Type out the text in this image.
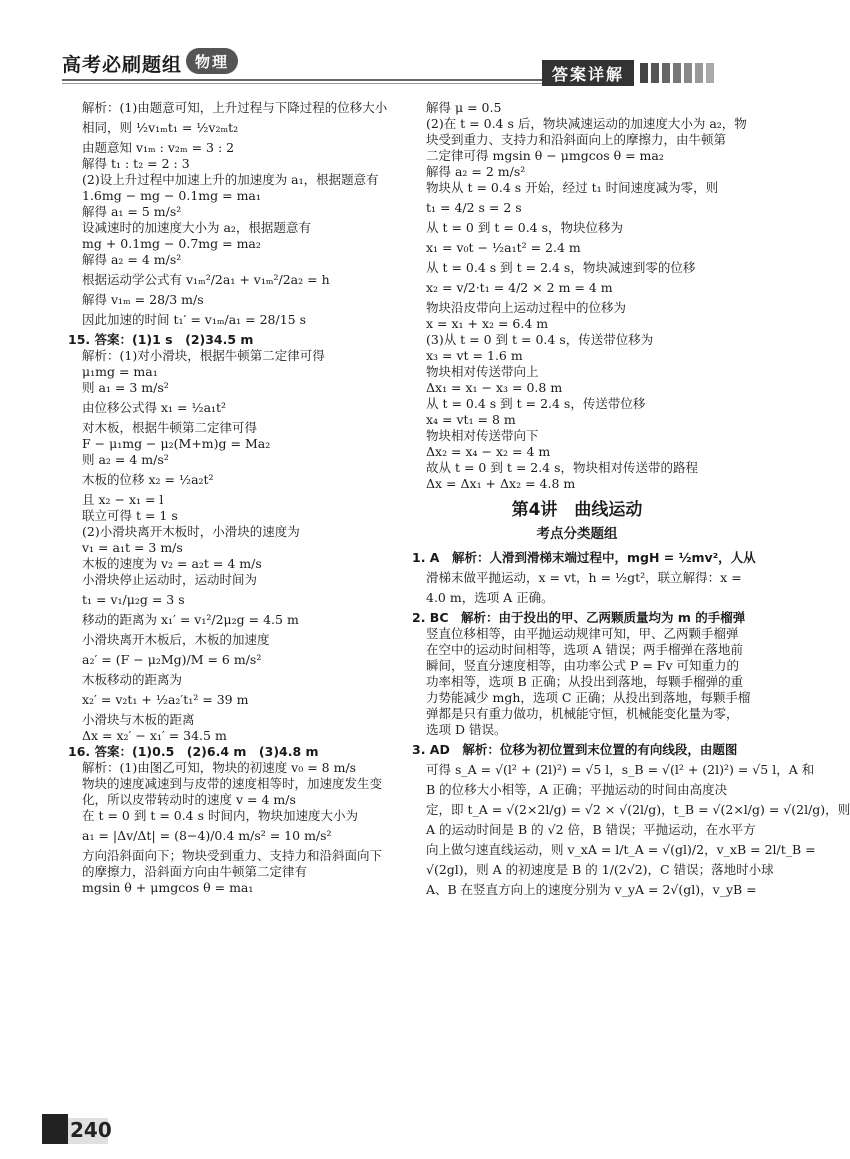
高考必刷题组 物理
答案详解
解析：(1)由题意可知，上升过程与下降过程的位移大小
相同，则 ½v₁ₘt₁ = ½v₂ₘt₂
由题意知 v₁ₘ : v₂ₘ = 3 : 2
解得 t₁ : t₂ = 2 : 3
(2)设上升过程中加速上升的加速度为 a₁，根据题意有
1.6mg − mg − 0.1mg = ma₁
解得 a₁ = 5 m/s²
设减速时的加速度大小为 a₂，根据题意有
mg + 0.1mg − 0.7mg = ma₂
解得 a₂ = 4 m/s²
根据运动学公式有 v₁ₘ²/2a₁ + v₁ₘ²/2a₂ = h
解得 v₁ₘ = 28/3 m/s
因此加速的时间 t₁′ = v₁ₘ/a₁ = 28/15 s
15. 答案：(1)1 s　(2)34.5 m
解析：(1)对小滑块，根据牛顿第二定律可得
μ₁mg = ma₁
则 a₁ = 3 m/s²
由位移公式得 x₁ = ½a₁t²
对木板，根据牛顿第二定律可得
F − μ₁mg − μ₂(M+m)g = Ma₂
则 a₂ = 4 m/s²
木板的位移 x₂ = ½a₂t²
且 x₂ − x₁ = l
联立可得 t = 1 s
(2)小滑块离开木板时，小滑块的速度为
v₁ = a₁t = 3 m/s
木板的速度为 v₂ = a₂t = 4 m/s
小滑块停止运动时，运动时间为
t₁ = v₁/μ₂g = 3 s
移动的距离为 x₁′ = v₁²/2μ₂g = 4.5 m
小滑块离开木板后，木板的加速度
a₂′ = (F − μ₂Mg)/M = 6 m/s²
木板移动的距离为
x₂′ = v₂t₁ + ½a₂′t₁² = 39 m
小滑块与木板的距离
Δx = x₂′ − x₁′ = 34.5 m
16. 答案：(1)0.5　(2)6.4 m　(3)4.8 m
解析：(1)由图乙可知，物块的初速度 v₀ = 8 m/s
物块的速度减速到与皮带的速度相等时，加速度发生变
化，所以皮带转动时的速度 v = 4 m/s
在 t = 0 到 t = 0.4 s 时间内，物块加速度大小为
a₁ = |Δv/Δt| = (8−4)/0.4 m/s² = 10 m/s²
方向沿斜面向下；物块受到重力、支持力和沿斜面向下
的摩擦力，沿斜面方向由牛顿第二定律有
mgsin θ + μmgcos θ = ma₁
解得 μ = 0.5
(2)在 t = 0.4 s 后，物块减速运动的加速度大小为 a₂，物
块受到重力、支持力和沿斜面向上的摩擦力，由牛顿第
二定律可得 mgsin θ − μmgcos θ = ma₂
解得 a₂ = 2 m/s²
物块从 t = 0.4 s 开始，经过 t₁ 时间速度减为零，则
t₁ = 4/2 s = 2 s
从 t = 0 到 t = 0.4 s，物块位移为
x₁ = v₀t − ½a₁t² = 2.4 m
从 t = 0.4 s 到 t = 2.4 s，物块减速到零的位移
x₂ = v/2·t₁ = 4/2 × 2 m = 4 m
物块沿皮带向上运动过程中的位移为
x = x₁ + x₂ = 6.4 m
(3)从 t = 0 到 t = 0.4 s，传送带位移为
x₃ = vt = 1.6 m
物块相对传送带向上
Δx₁ = x₁ − x₃ = 0.8 m
从 t = 0.4 s 到 t = 2.4 s，传送带位移
x₄ = vt₁ = 8 m
物块相对传送带向下
Δx₂ = x₄ − x₂ = 4 m
故从 t = 0 到 t = 2.4 s，物块相对传送带的路程
Δx = Δx₁ + Δx₂ = 4.8 m
第4讲　曲线运动
考点分类题组
1. A　解析：人滑到滑梯末端过程中，mgH = ½mv²，人从
滑梯末做平抛运动，x = vt，h = ½gt²，联立解得：x =
4.0 m，选项 A 正确。
2. BC　解析：由于投出的甲、乙两颗质量均为 m 的手榴弹
竖直位移相等，由平抛运动规律可知，甲、乙两颗手榴弹
在空中的运动时间相等，选项 A 错误；两手榴弹在落地前
瞬间，竖直分速度相等，由功率公式 P = Fv 可知重力的
功率相等，选项 B 正确；从投出到落地，每颗手榴弹的重
力势能减少 mgh，选项 C 正确；从投出到落地，每颗手榴
弹都是只有重力做功，机械能守恒，机械能变化量为零，
选项 D 错误。
3. AD　解析：位移为初位置到末位置的有向线段，由题图
可得 s_A = √(l² + (2l)²) = √5 l，s_B = √(l² + (2l)²) = √5 l，A 和
B 的位移大小相等，A 正确；平抛运动的时间由高度决
定，即 t_A = √(2×2l/g) = √2 × √(2l/g)，t_B = √(2×l/g) = √(2l/g)，则
A 的运动时间是 B 的 √2 倍，B 错误；平抛运动，在水平方
向上做匀速直线运动，则 v_xA = l/t_A = √(gl)/2，v_xB = 2l/t_B =
√(2gl)，则 A 的初速度是 B 的 1/(2√2)，C 错误；落地时小球
A、B 在竖直方向上的速度分别为 v_yA = 2√(gl)，v_yB =
240
